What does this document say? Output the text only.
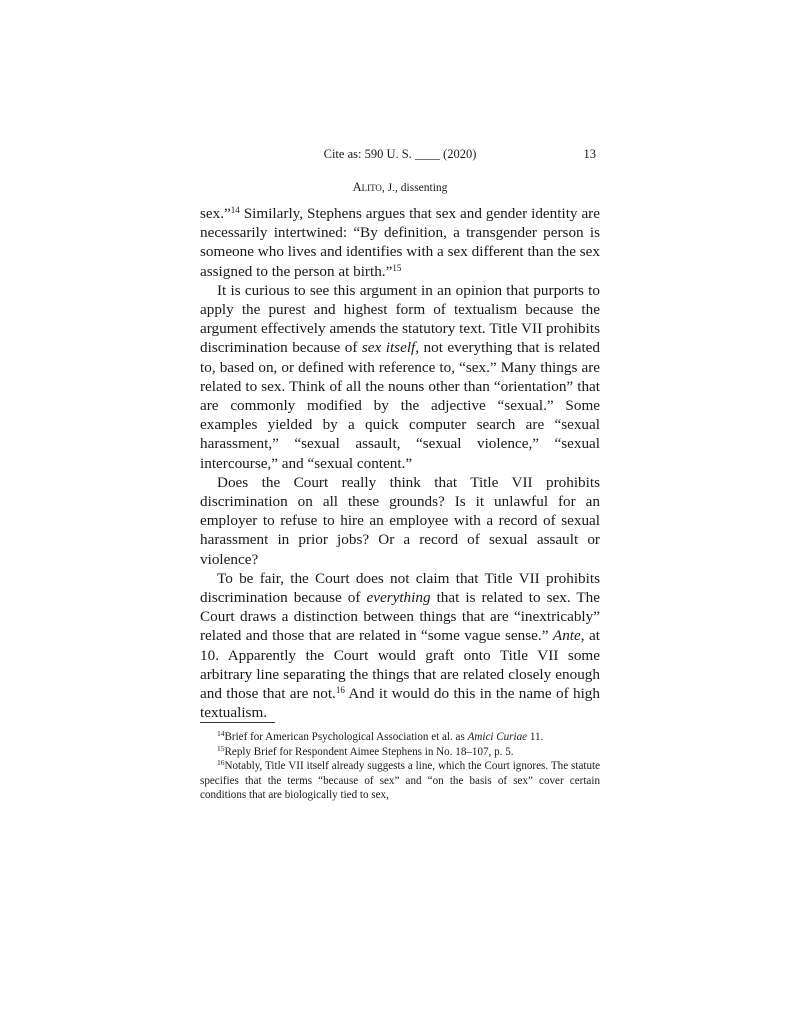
Cite as: 590 U. S. ____ (2020)	13
Alito, J., dissenting

sex.”$^{14}$ Similarly, Stephens argues that sex and gender identity are necessarily intertwined: “By definition, a transgender person is someone who lives and identifies with a sex different than the sex assigned to the person at birth.”$^{15}$

It is curious to see this argument in an opinion that purports to apply the purest and highest form of textualism because the argument effectively amends the statutory text. Title VII prohibits discrimination because of sex itself, not everything that is related to, based on, or defined with reference to, “sex.” Many things are related to sex. Think of all the nouns other than “orientation” that are commonly modified by the adjective “sexual.” Some examples yielded by a quick computer search are “sexual harassment,” “sexual assault, “sexual violence,” “sexual intercourse,” and “sexual content.”

Does the Court really think that Title VII prohibits discrimination on all these grounds? Is it unlawful for an employer to refuse to hire an employee with a record of sexual harassment in prior jobs? Or a record of sexual assault or violence?

To be fair, the Court does not claim that Title VII prohibits discrimination because of everything that is related to sex. The Court draws a distinction between things that are “inextricably” related and those that are related in “some vague sense.” Ante, at 10. Apparently the Court would graft onto Title VII some arbitrary line separating the things that are related closely enough and those that are not.$^{16}$ And it would do this in the name of high textualism.

$^{14}$Brief for American Psychological Association et al. as Amici Curiae 11.

$^{15}$Reply Brief for Respondent Aimee Stephens in No. 18–107, p. 5.

$^{16}$Notably, Title VII itself already suggests a line, which the Court ignores. The statute specifies that the terms “because of sex” and “on the basis of sex” cover certain conditions that are biologically tied to sex,
